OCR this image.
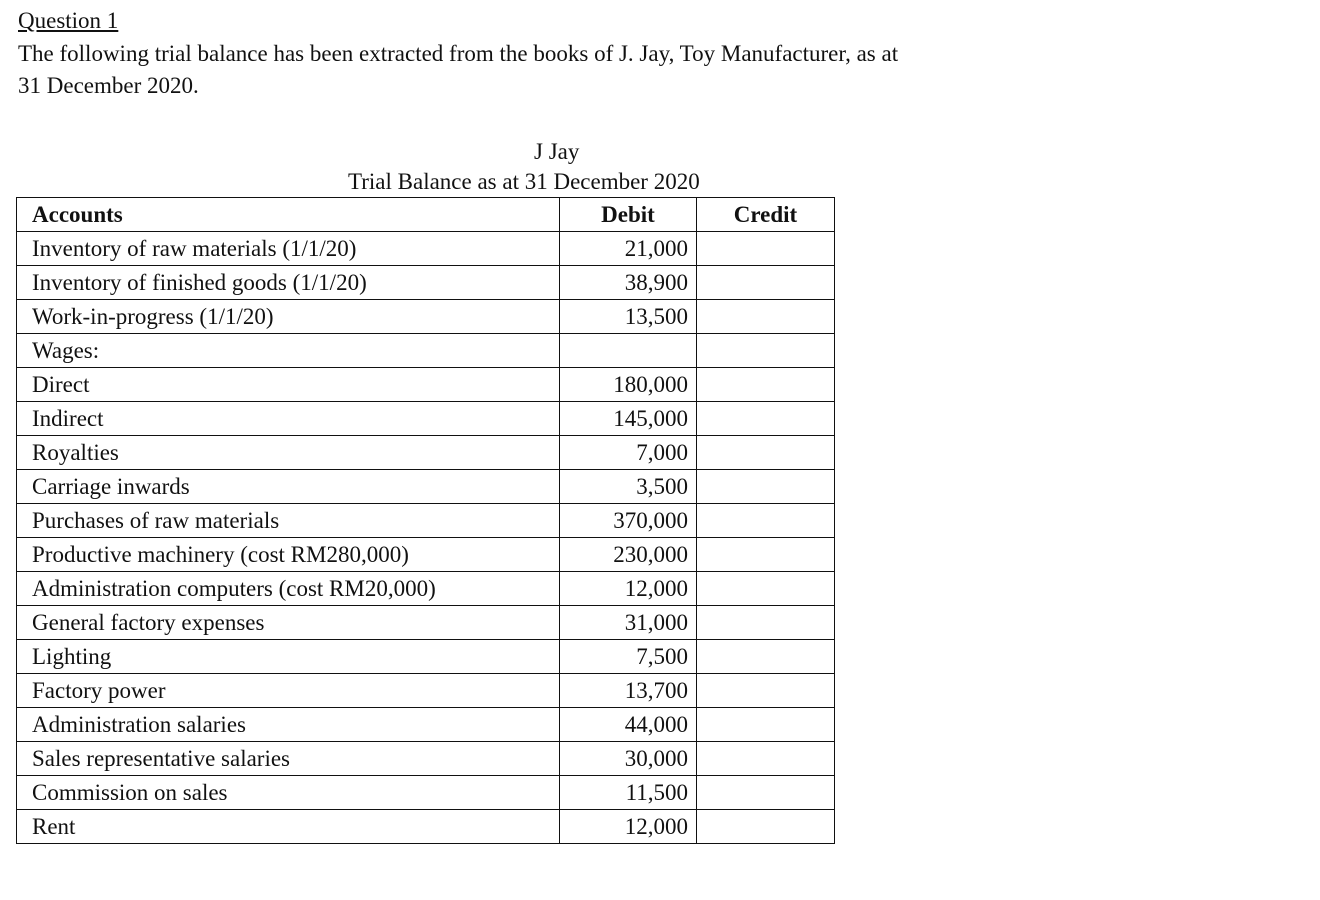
Question 1
The following trial balance has been extracted from the books of J. Jay, Toy Manufacturer, as at
31 December 2020.
J Jay
Trial Balance as at 31 December 2020
Accounts	Debit	Credit
Inventory of raw materials (1/1/20)	21,000	
Inventory of finished goods (1/1/20)	38,900	
Work-in-progress (1/1/20)	13,500	
Wages:		
Direct	180,000	
Indirect	145,000	
Royalties	7,000	
Carriage inwards	3,500	
Purchases of raw materials	370,000	
Productive machinery (cost RM280,000)	230,000	
Administration computers (cost RM20,000)	12,000	
General factory expenses	31,000	
Lighting	7,500	
Factory power	13,700	
Administration salaries	44,000	
Sales representative salaries	30,000	
Commission on sales	11,500	
Rent	12,000	
